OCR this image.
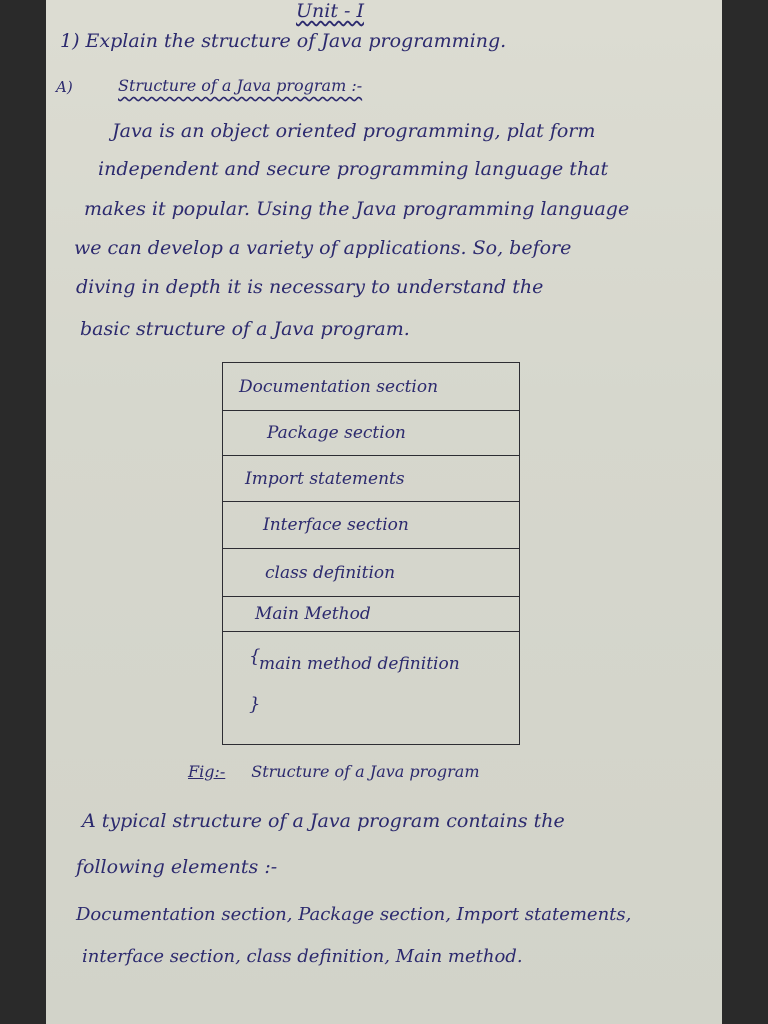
Unit - I
1) Explain the structure of Java programming.
A)	Structure of a Java program :-
Java is an object oriented programming, plat form
independent and secure programming language that
makes it popular. Using the Java programming language
we can develop a variety of applications. So, before
diving in depth it is necessary to understand the
basic structure of a Java program.
Documentation section
Package section
Import statements
Interface section
class definition
Main Method
{
main method definition
}
Fig:- Structure of a Java program
A typical structure of a Java program contains the
following elements :-
Documentation section, Package section, Import statements,
interface section, class definition, Main method.
